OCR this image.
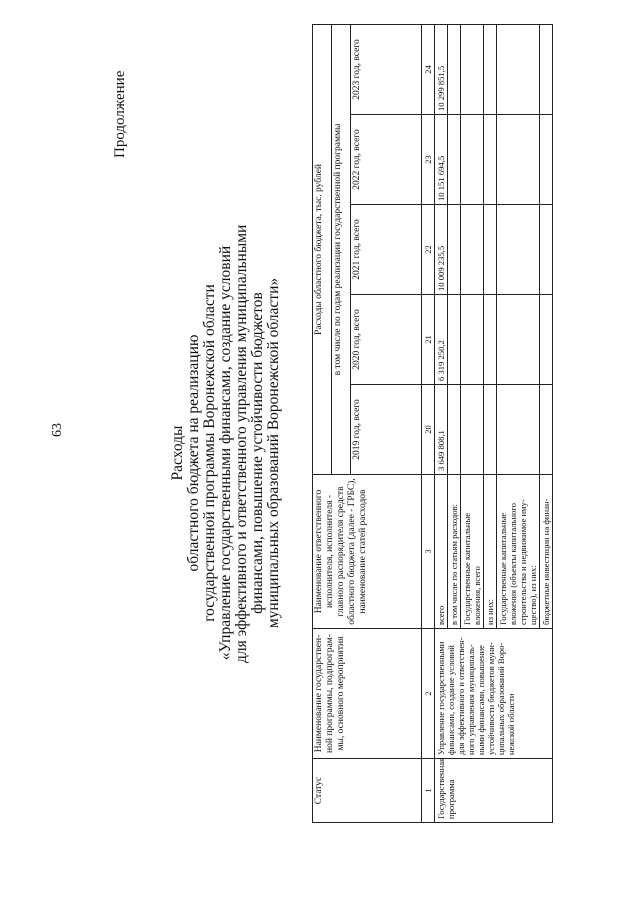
63
Продолжение
Расходы областного бюджета на реализацию государственной программы Воронежской области «Управление государственными финансами, создание условий для эффективного и ответственного управления муниципальными финансами, повышение устойчивости бюджетов муниципальных образований Воронежской области»
Статус	Наименование государствен-ной программы, подпрограм-мы, основного мероприятия	Наименование ответственного исполнителя, исполнителя - главного распорядителя средств областного бюджета (далее - ГРБС), наименование статей расходов	Расходы областного бюджета, тыс. рублей				
			в том числе по годам реализации государственной программы				
			2019 год, всего	2020 год, всего	2021 год, всего	2022 год, всего	2023 год, всего
1	2	3	20	21	22	23	24
Государственная программа	Управление государственными финансами, создание условий для эффективного и ответствен-ного управления муниципаль-ными финансами, повышение устойчивости бюджетов муни-ципальных образований Воро-нежской области	всего	3 649 808,1	6 319 250,2	10 009 235,5	10 151 694,5	10 299 851,5
		в том числе по статьям расходов:					
		Государственные капитальные вложения, всего					
		из них:					
		Государственные капитальные вложения (объекты капитального строительства и недвижимое иму-щество), из них:					
		бюджетные инвестиции на финан-					
